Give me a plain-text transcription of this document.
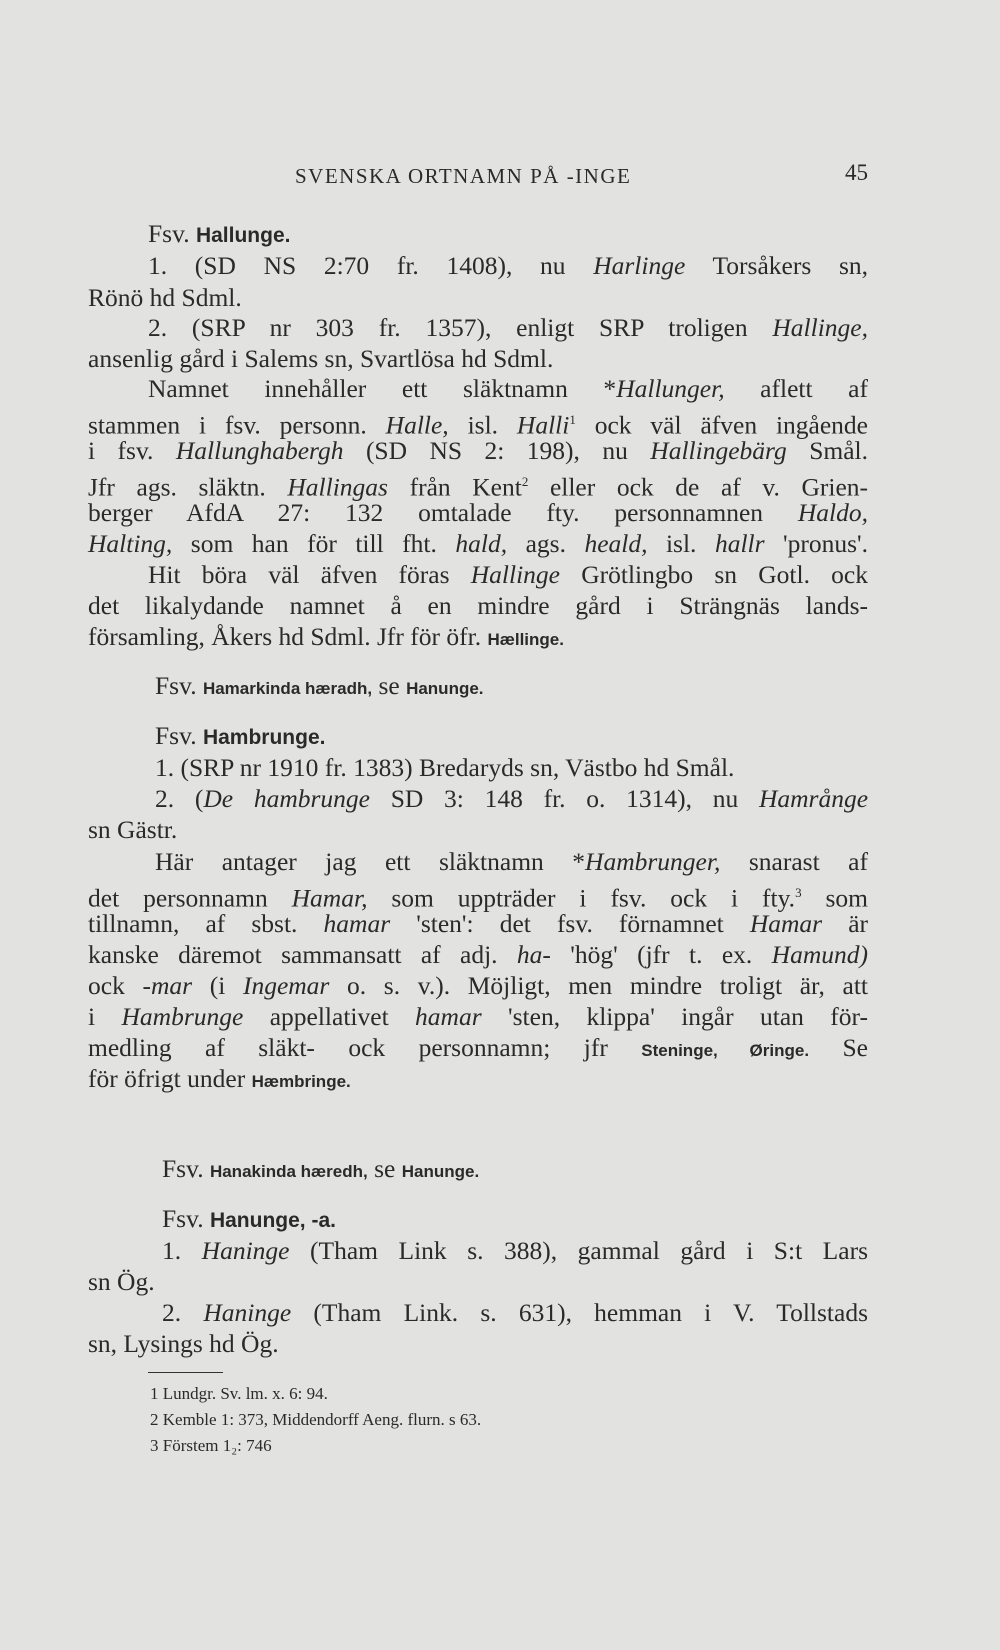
SVENSKA ORTNAMN PÅ -INGE	45
Fsv. Hallunge.
1. (SD NS 2:70 fr. 1408), nu Harlinge Torsåkers sn,
Rönö hd Sdml.
2. (SRP nr 303 fr. 1357), enligt SRP troligen Hallinge,
ansenlig gård i Salems sn, Svartlösa hd Sdml.
Namnet innehåller ett släktnamn *Hallunger, aflett af
stammen i fsv. personn. Halle, isl. Halli$^1$ ock väl äfven ingående
i fsv. Hallunghabergh (SD NS 2: 198), nu Hallingebärg Smål.
Jfr ags. släktn. Hallingas från Kent$^2$ eller ock de af v. Grien-
berger AfdA 27: 132 omtalade fty. personnamnen Haldo,
Halting, som han för till fht. hald, ags. heald, isl. hallr 'pronus'.
Hit böra väl äfven föras Hallinge Grötlingbo sn Gotl. ock
det likalydande namnet å en mindre gård i Strängnäs lands-
församling, Åkers hd Sdml. Jfr för öfr. Hællinge.
Fsv. Hamarkinda hæradh, se Hanunge.
Fsv. Hambrunge.
1. (SRP nr 1910 fr. 1383) Bredaryds sn, Västbo hd Smål.
2. (De hambrunge SD 3: 148 fr. o. 1314), nu Hamrånge
sn Gästr.
Här antager jag ett släktnamn *Hambrunger, snarast af
det personnamn Hamar, som uppträder i fsv. ock i fty.$^3$ som
tillnamn, af sbst. hamar 'sten': det fsv. förnamnet Hamar är
kanske däremot sammansatt af adj. ha- 'hög' (jfr t. ex. Hamund)
ock -mar (i Ingemar o. s. v.). Möjligt, men mindre troligt är, att
i Hambrunge appellativet hamar 'sten, klippa' ingår utan för-
medling af släkt- ock personnamn; jfr Steninge, Øringe. Se
för öfrigt under Hæmbringe.
Fsv. Hanakinda hæredh, se Hanunge.
Fsv. Hanunge, -a.
1. Haninge (Tham Link s. 388), gammal gård i S:t Lars
sn Ög.
2. Haninge (Tham Link. s. 631), hemman i V. Tollstads
sn, Lysings hd Ög.
1 Lundgr. Sv. lm. x. 6: 94.
2 Kemble 1: 373, Middendorff Aeng. flurn. s 63.
3 Förstem 1₂: 746
